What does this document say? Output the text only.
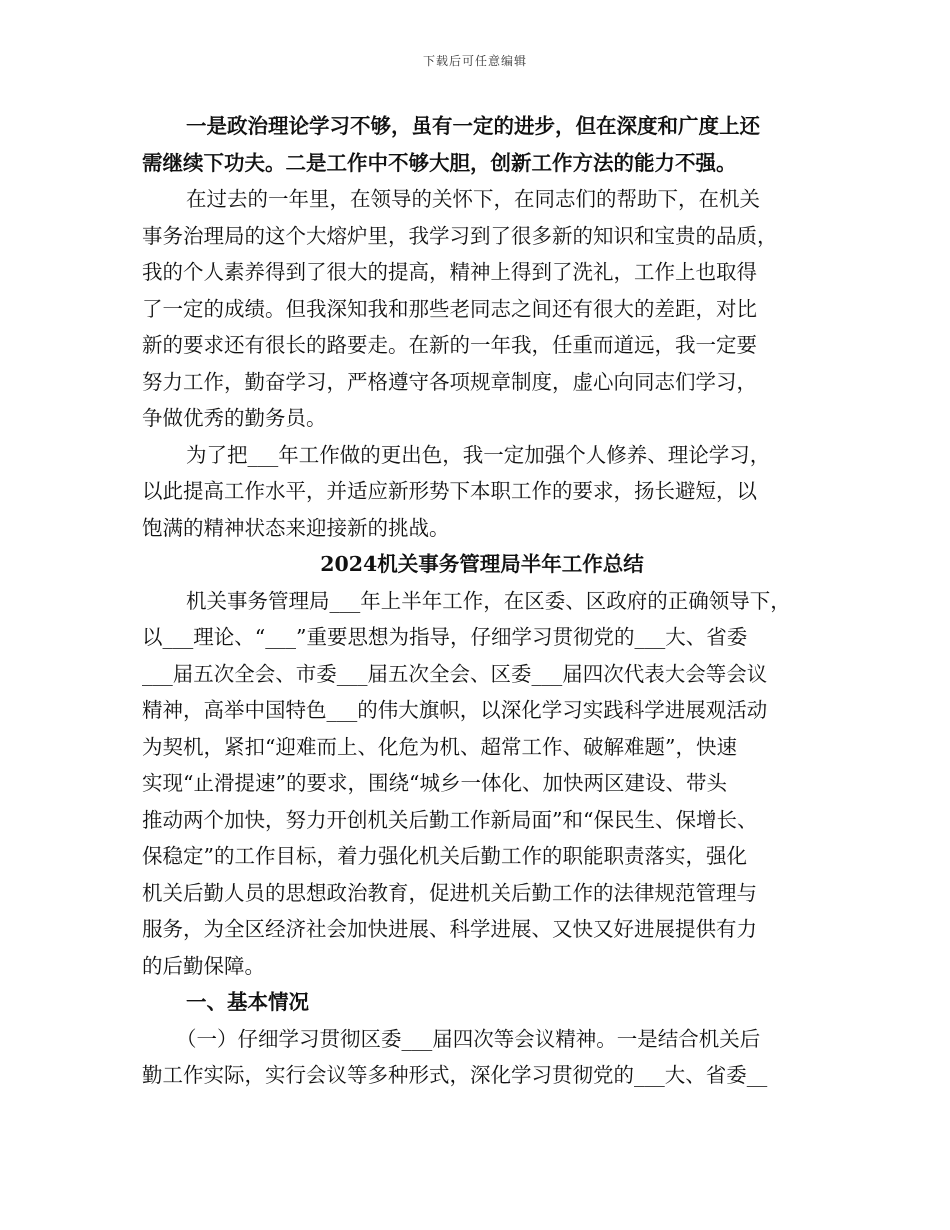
下载后可任意编辑
一是政治理论学习不够，虽有一定的进步，但在深度和广度上还
需继续下功夫。二是工作中不够大胆，创新工作方法的能力不强。
在过去的一年里，在领导的关怀下，在同志们的帮助下，在机关
事务治理局的这个大熔炉里，我学习到了很多新的知识和宝贵的品质，
我的个人素养得到了很大的提高，精神上得到了洗礼，工作上也取得
了一定的成绩。但我深知我和那些老同志之间还有很大的差距，对比
新的要求还有很长的路要走。在新的一年我，任重而道远，我一定要
努力工作，勤奋学习，严格遵守各项规章制度，虚心向同志们学习，
争做优秀的勤务员。
为了把___年工作做的更出色，我一定加强个人修养、理论学习，
以此提高工作水平，并适应新形势下本职工作的要求，扬长避短，以
饱满的精神状态来迎接新的挑战。
2024机关事务管理局半年工作总结
机关事务管理局___年上半年工作，在区委、区政府的正确领导下，
以___理论、“___”重要思想为指导，仔细学习贯彻党的___大、省委
___届五次全会、市委___届五次全会、区委___届四次代表大会等会议
精神，高举中国特色___的伟大旗帜，以深化学习实践科学进展观活动
为契机，紧扣“迎难而上、化危为机、超常工作、破解难题”，快速
实现“止滑提速”的要求，围绕“城乡一体化、加快两区建设、带头
推动两个加快，努力开创机关后勤工作新局面”和“保民生、保增长、
保稳定”的工作目标，着力强化机关后勤工作的职能职责落实，强化
机关后勤人员的思想政治教育，促进机关后勤工作的法律规范管理与
服务，为全区经济社会加快进展、科学进展、又快又好进展提供有力
的后勤保障。
一、基本情况
（一）仔细学习贯彻区委___届四次等会议精神。一是结合机关后
勤工作实际，实行会议等多种形式，深化学习贯彻党的___大、省委__
